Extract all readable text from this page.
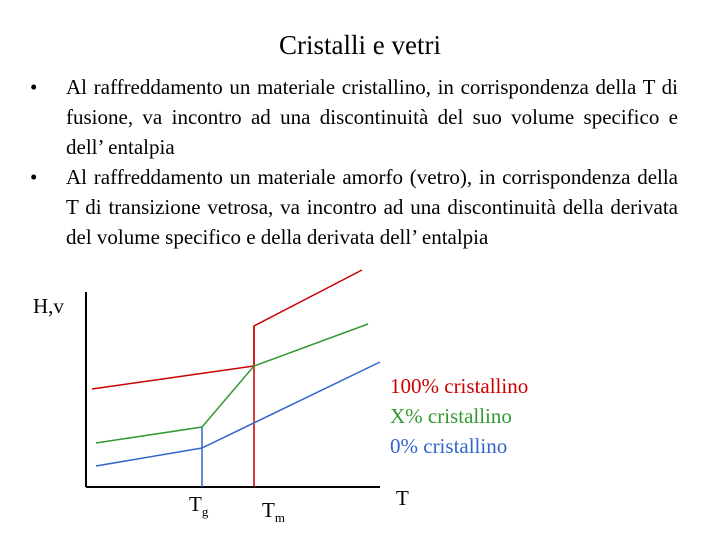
Cristalli e vetri
• Al raffreddamento un materiale cristallino, in corrispondenza della T di fusione, va incontro ad una discontinuità del suo volume specifico e dell’ entalpia
• Al raffreddamento un materiale amorfo (vetro), in corrispondenza della T di transizione vetrosa, va incontro ad una discontinuità della derivata del volume specifico e della derivata dell’ entalpia
H,v
100% cristallino
X% cristallino
0% cristallino
$T_g$	$T_m$
T
